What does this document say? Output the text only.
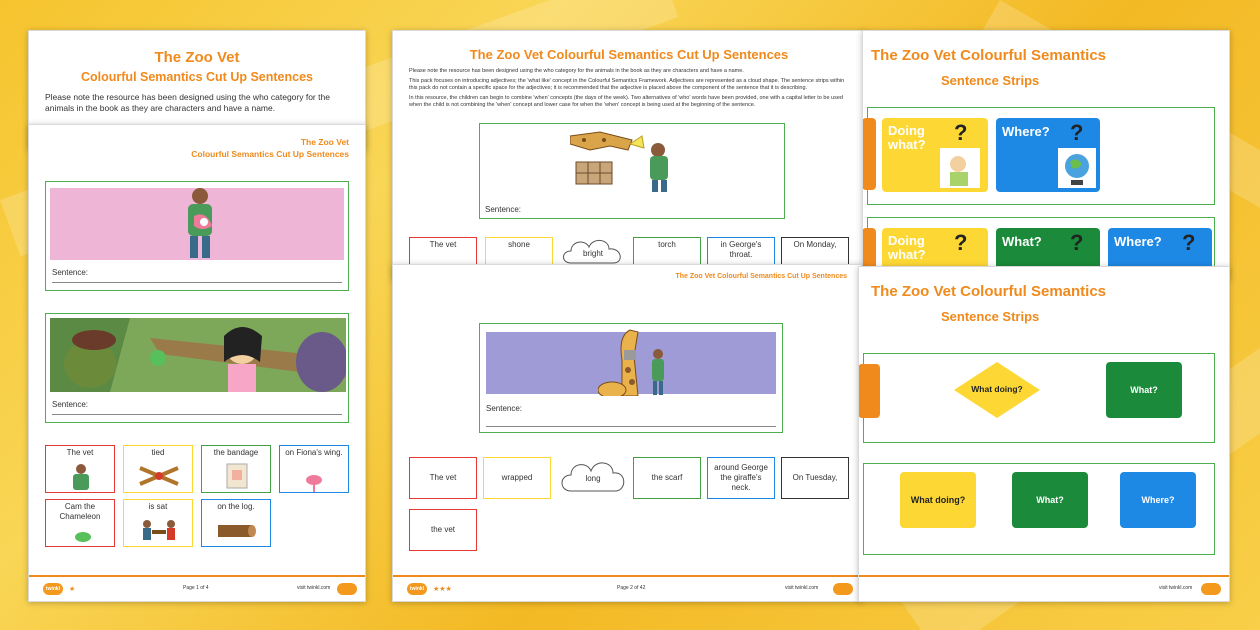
The Zoo Vet
Colourful Semantics Cut Up Sentences
Please note the resource has been designed using the who category for the animals in the book as they are characters and have a name.
The Zoo Vet Colourful Semantics Cut Up Sentences
Please note the resource has been designed using the who category for the animals in the book as they are characters and have a name.
This pack focuses on introducing adjectives; the 'what like' concept in the Colourful Semantics Framework. Adjectives are represented as a cloud shape. The sentence strips within this pack do not contain a specific space for the adjectives; it is recommended that the adjective is placed above the component of the sentence that it is describing.
In this resource, the children can begin to combine 'when' concepts (the days of the week). Two alternatives of 'who' words have been provided, one with a capital letter to be used when the child is not combining the 'when' concept and lower case for when the 'when' concept is being used at the beginning of the sentence.
Sentence:
The vet	shone
bright
torch	in George's throat.
On Monday,
The Zoo Vet Colourful Semantics
Sentence Strips
Doing what?	?	Where? ?
Doing what?	?	What? ? Where? ?
The Zoo Vet
Colourful Semantics Cut Up Sentences
Sentence:
Sentence:
The vet	tied	the bandage	on Fiona's wing.
Cam the Chameleon
is sat	on the log.
twinkl	★	Page 1 of 4	visit twinkl.com
The Zoo Vet Colourful Semantics Cut Up Sentences
Sentence:
The vet	wrapped	long	the scarf
around George the giraffe's neck.
On Tuesday,
the vet
twinkl	★★★	Page 2 of 42	visit twinkl.com
The Zoo Vet Colourful Semantics
Sentence Strips
What doing?	What?
What doing?	What?	Where?
visit twinkl.com
